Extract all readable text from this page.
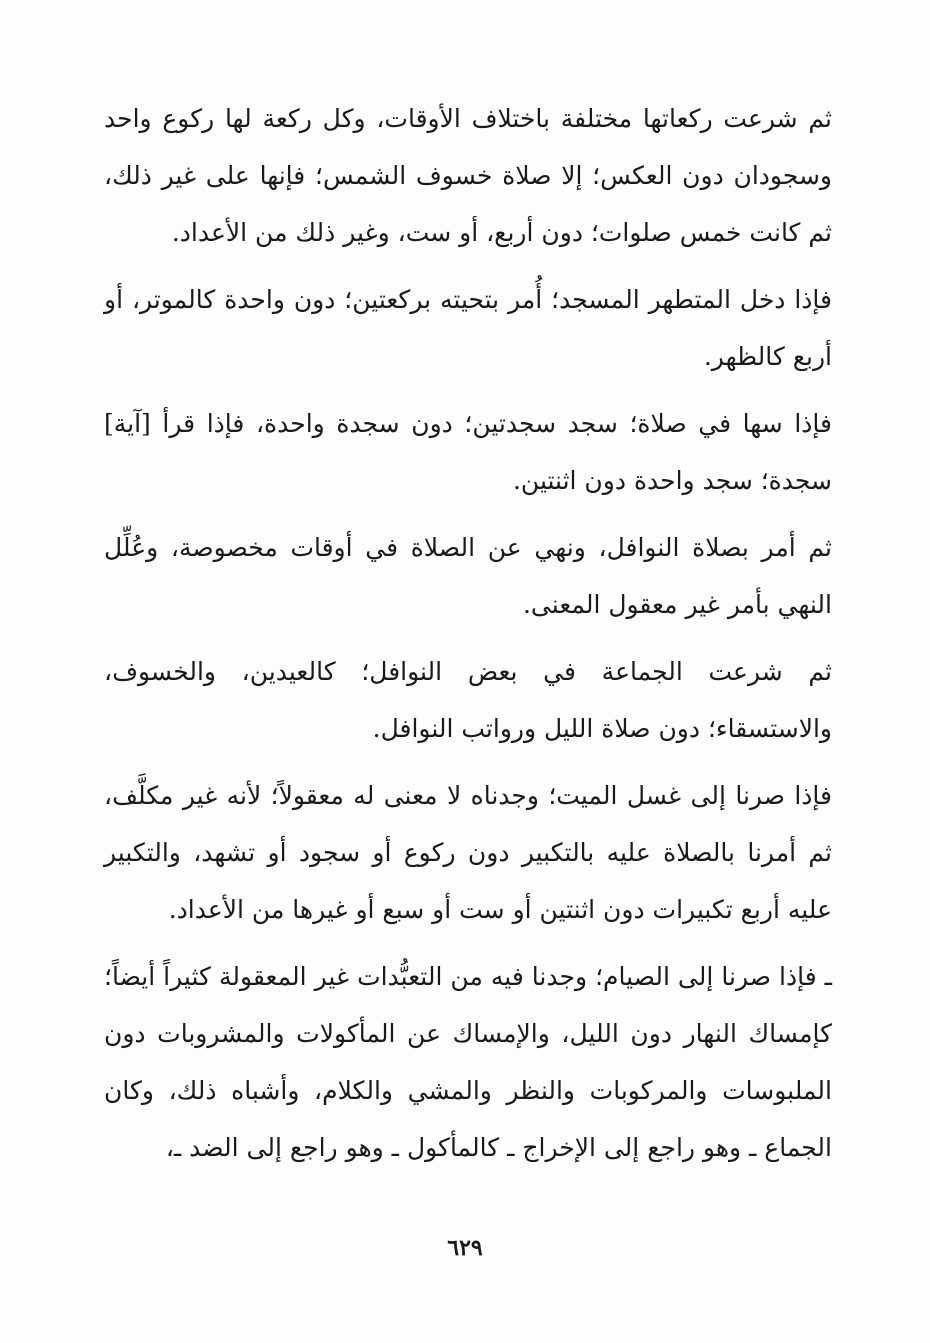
ثم شرعت ركعاتها مختلفة باختلاف الأوقات، وكل ركعة لها ركوع واحد وسجودان دون العكس؛ إلا صلاة خسوف الشمس؛ فإنها على غير ذلك، ثم كانت خمس صلوات؛ دون أربع، أو ست، وغير ذلك من الأعداد.

فإذا دخل المتطهر المسجد؛ أُمر بتحيته بركعتين؛ دون واحدة كالموتر، أو أربع كالظهر.

فإذا سها في صلاة؛ سجد سجدتين؛ دون سجدة واحدة، فإذا قرأ [آية] سجدة؛ سجد واحدة دون اثنتين.

ثم أمر بصلاة النوافل، ونهي عن الصلاة في أوقات مخصوصة، وعُلِّل النهي بأمر غير معقول المعنى.

ثم شرعت الجماعة في بعض النوافل؛ كالعيدين، والخسوف، والاستسقاء؛ دون صلاة الليل ورواتب النوافل.

فإذا صرنا إلى غسل الميت؛ وجدناه لا معنى له معقولاً؛ لأنه غير مكلَّف، ثم أمرنا بالصلاة عليه بالتكبير دون ركوع أو سجود أو تشهد، والتكبير عليه أربع تكبيرات دون اثنتين أو ست أو سبع أو غيرها من الأعداد.

ـ فإذا صرنا إلى الصيام؛ وجدنا فيه من التعبُّدات غير المعقولة كثيراً أيضاً؛ كإمساك النهار دون الليل، والإمساك عن المأكولات والمشروبات دون الملبوسات والمركوبات والنظر والمشي والكلام، وأشباه ذلك، وكان الجماع ـ وهو راجع إلى الإخراج ـ كالمأكول ـ وهو راجع إلى الضد ـ،

٦٢٩
